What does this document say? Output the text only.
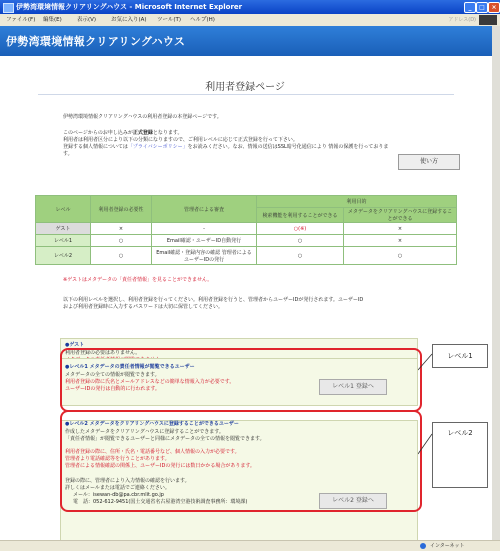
伊勢湾環境情報クリアリングハウス - Microsoft Internet Explorer	_	□	×
ファイル(F) 編集(E)	表示(V)	お気に入り(A) ツール(T) ヘルプ(H)	アドレス(D)
伊勢湾環境情報クリアリングハウス
利用者登録ページ
伊勢湾環境情報クリアリングハウスの利用者登録の本登録ページです。
このページからのお申し込みが正式登録となります。
利用者は利用者区分により以下の分類になりますので、ご利用レベルに応じて正式登録を行って下さい。
登録する個人情報については「プライバシーポリシー」をお読みください。なお、情報の送信はSSL暗号化通信により 情報の保護を行っております。
使い方
レベル	利用者登録の必要性	管理者による審査	利用目的	
			検索機能を利用することができる	メタデータをクリアリングハウスに登録することができる
ゲスト	×	-	○(※)	×
レベル1	○	Email確認・ユーザーID自動発行	○	×
レベル2	○	Email確認・登録内容の確認 管理者によるユーザーIDの発行	○	○
※ゲストはメタデータの「責任者情報」を見ることができません。
以下の利用レベルを選択し、利用者登録を行ってください。利用者登録を行うと、管理者からユーザーIDが発行されます。ユーザーID
および利用者登録時に入力するパスワードは大切に保管してください。
●ゲスト
利用者登録の必要はありません。
●レベル1 メタデータの責任者情報が閲覧できるユーザー
メタデータの全ての情報が閲覧できます。
利用者登録の際に氏名とメールアドレスなどの簡単な情報入力が必要です。
ユーザーIDの発行は自動的に行われます。	レベル1 登録へ
●レベル2 メタデータをクリアリングハウスに登録することができるユーザー
作成したメタデータをクリアリングハウスに登録することができます。
「責任者情報」が閲覧できるユーザーと同様にメタデータの全ての情報を閲覧できます。
利用者登録の際に、住所・氏名・電話番号など、個人情報の入力が必要です。
管理者より電話確認等を行うことがあります。
管理者による情報確認の関係上、ユーザーIDの発行には数日かかる場合があります。
登録の際に、管理者により入力情報の確認を行います。
詳しくはメールまたは電話でご連絡ください。
メール：isewan-db@pa.cbr.mlit.go.jp
電　話：052-612-9451(国土交通省名古屋港湾空港技術調査事務所：環境課)	レベル2 登録へ
レベル1
レベル2
インターネット
